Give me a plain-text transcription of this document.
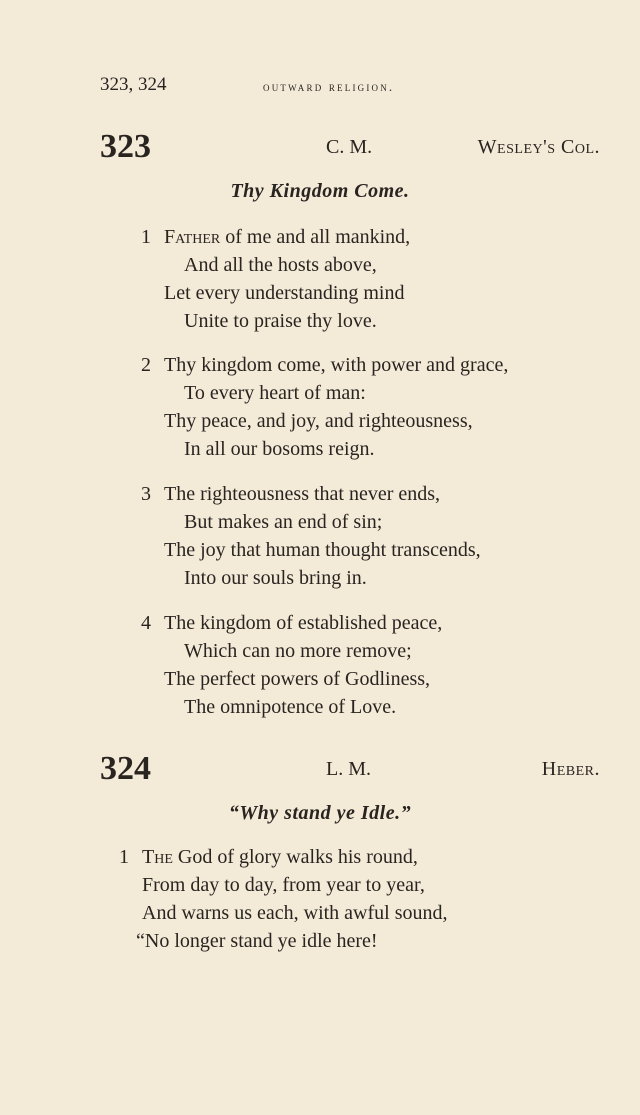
323, 324	outward religion.
323	C. M.	Wesley's Col.
Thy Kingdom Come.
1 Father of me and all mankind,
And all the hosts above,
Let every understanding mind
Unite to praise thy love.
2 Thy kingdom come, with power and grace,
To every heart of man:
Thy peace, and joy, and righteousness,
In all our bosoms reign.
3 The righteousness that never ends,
But makes an end of sin;
The joy that human thought transcends,
Into our souls bring in.
4 The kingdom of established peace,
Which can no more remove;
The perfect powers of Godliness,
The omnipotence of Love.
324	L. M.	Heber.
“Why stand ye Idle.”
1 The God of glory walks his round,
From day to day, from year to year,
And warns us each, with awful sound,
“No longer stand ye idle here!
